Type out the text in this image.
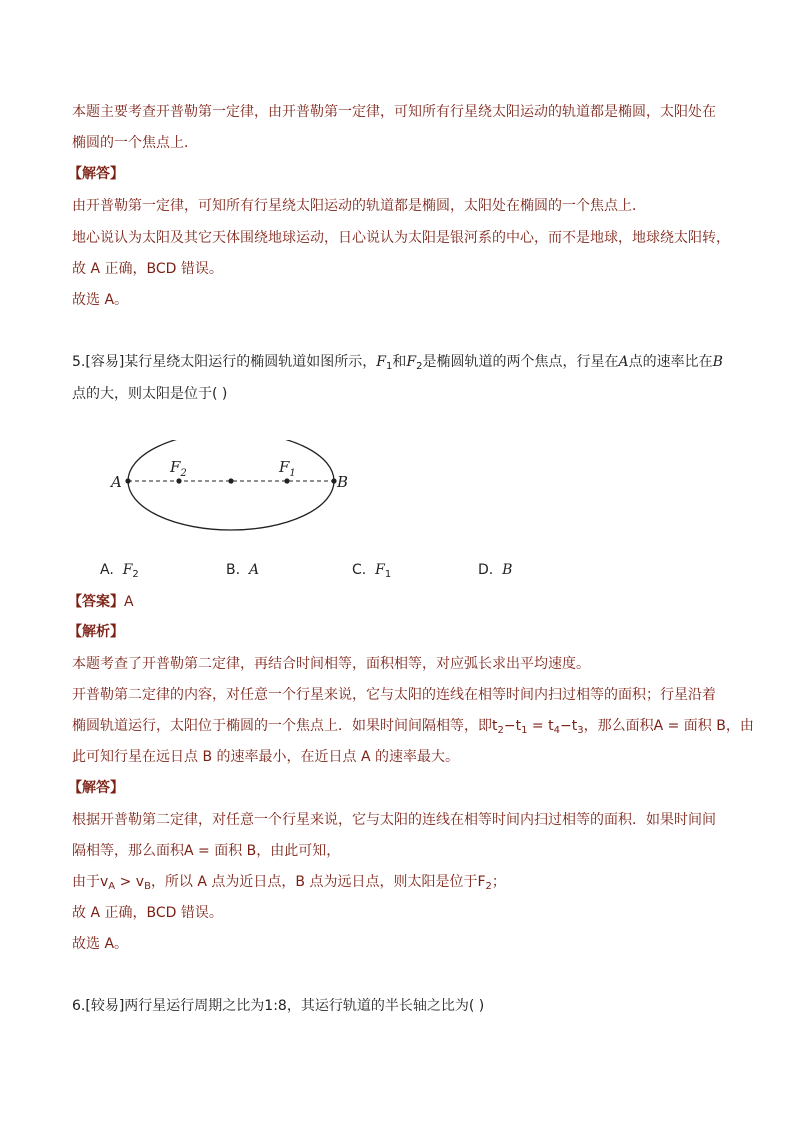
本题主要考查开普勒第一定律，由开普勒第一定律，可知所有行星绕太阳运动的轨道都是椭圆，太阳处在
椭圆的一个焦点上．
【解答】
由开普勒第一定律，可知所有行星绕太阳运动的轨道都是椭圆，太阳处在椭圆的一个焦点上．
地心说认为太阳及其它天体围绕地球运动，日心说认为太阳是银河系的中心，而不是地球，地球绕太阳转，
故 A 正确，BCD 错误。
故选 A。
5.[容易]某行星绕太阳运行的椭圆轨道如图所示，$F_1$和$F_2$是椭圆轨道的两个焦点，行星在A点的速率比在B
点的大，则太阳是位于( )
A	B
$F_2$	$F_1$
A. $F_2$	B. A	C. $F_1$	D. B
【答案】A
【解析】
本题考查了开普勒第二定律，再结合时间相等，面积相等，对应弧长求出平均速度。
开普勒第二定律的内容，对任意一个行星来说，它与太阳的连线在相等时间内扫过相等的面积；行星沿着
椭圆轨道运行，太阳位于椭圆的一个焦点上．如果时间间隔相等，即$t_2-t_1 = t_4-t_3$，那么面积A = 面积 B，由
此可知行星在远日点 B 的速率最小，在近日点 A 的速率最大。
【解答】
根据开普勒第二定律，对任意一个行星来说，它与太阳的连线在相等时间内扫过相等的面积．如果时间间
隔相等，那么面积A = 面积 B，由此可知，
由于$v_A > v_B$，所以 A 点为近日点，B 点为远日点，则太阳是位于$F_2$；
故 A 正确，BCD 错误。
故选 A。
6.[较易]两行星运行周期之比为1:8，其运行轨道的半长轴之比为( )
